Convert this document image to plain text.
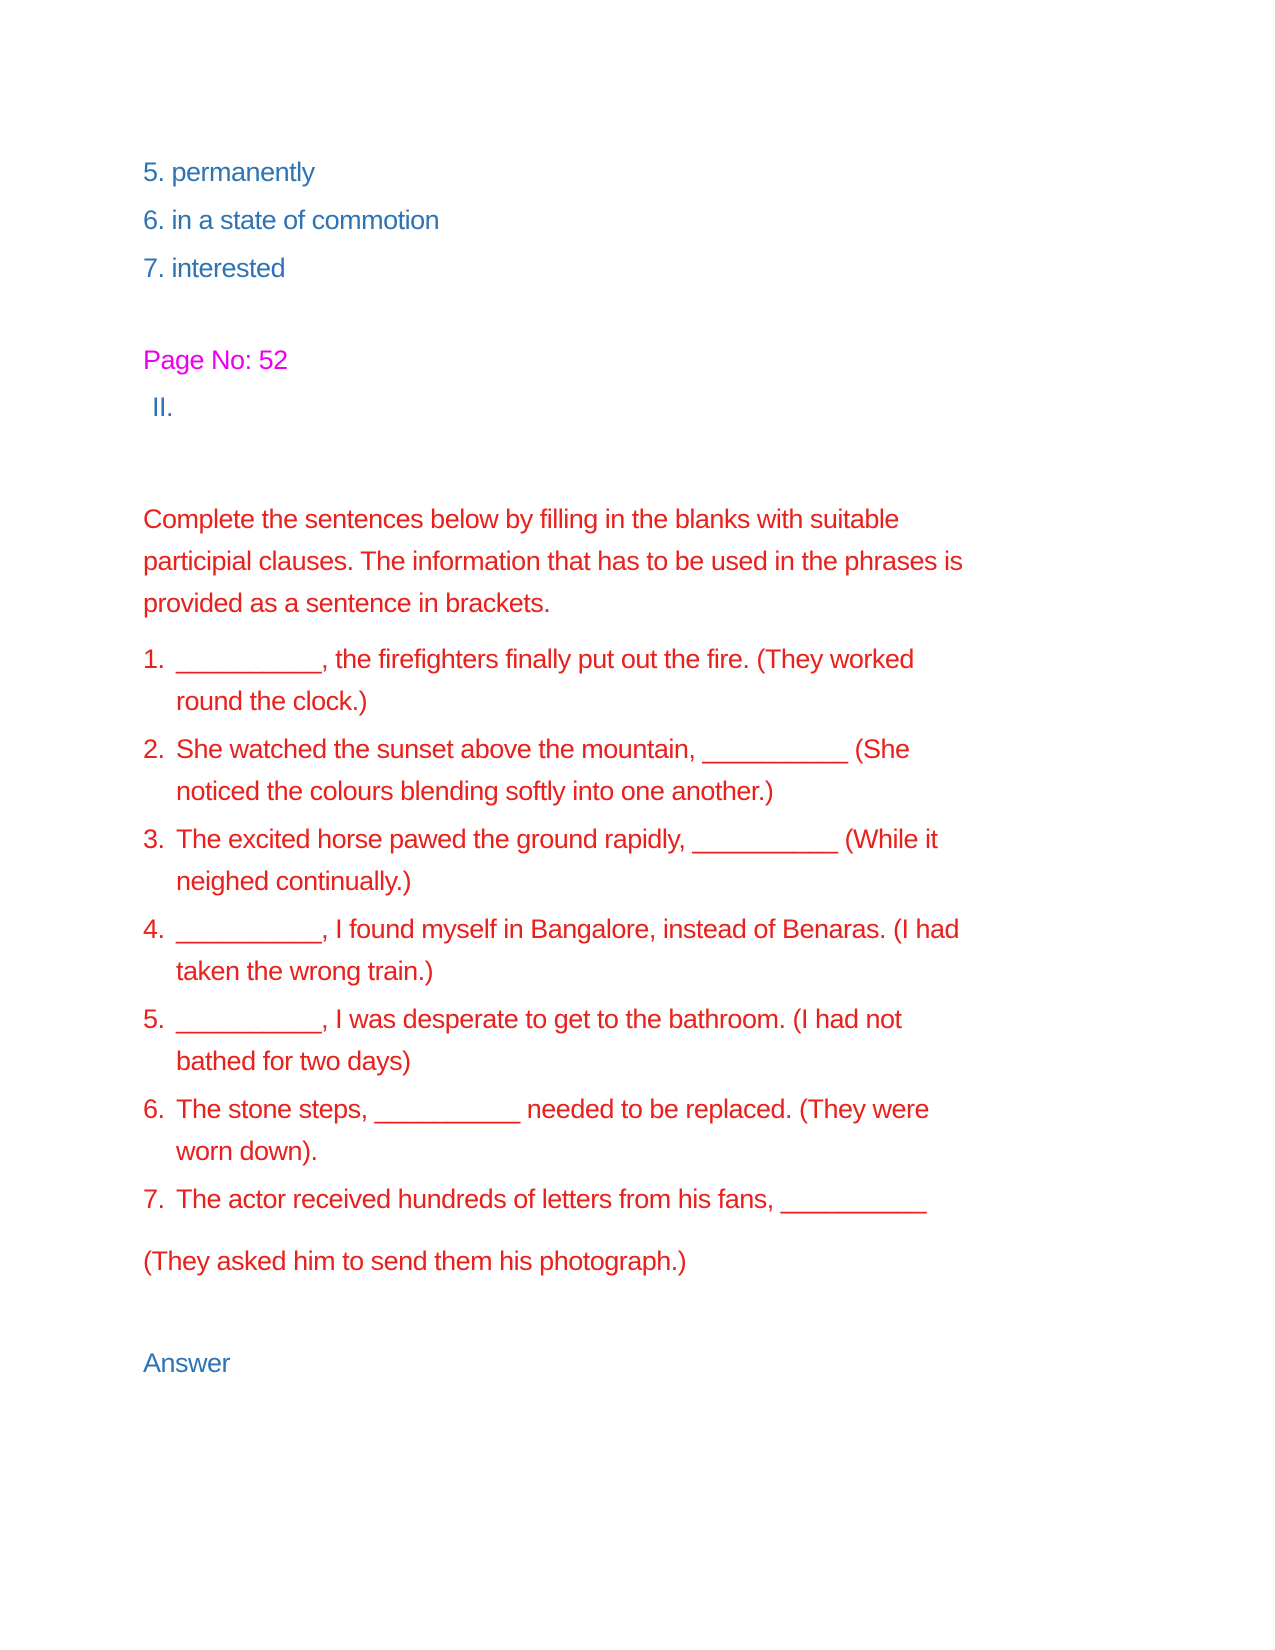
5. permanently
6. in a state of commotion
7. interested
Page No: 52
II.
Complete the sentences below by filling in the blanks with suitable
participial clauses. The information that has to be used in the phrases is
provided as a sentence in brackets.
1. __________, the firefighters finally put out the fire. (They worked
round the clock.)
2. She watched the sunset above the mountain, __________ (She
noticed the colours blending softly into one another.)
3. The excited horse pawed the ground rapidly, __________ (While it
neighed continually.)
4. __________, I found myself in Bangalore, instead of Benaras. (I had
taken the wrong train.)
5. __________, I was desperate to get to the bathroom. (I had not
bathed for two days)
6. The stone steps, __________ needed to be replaced. (They were
worn down).
7. The actor received hundreds of letters from his fans, __________
(They asked him to send them his photograph.)
Answer
